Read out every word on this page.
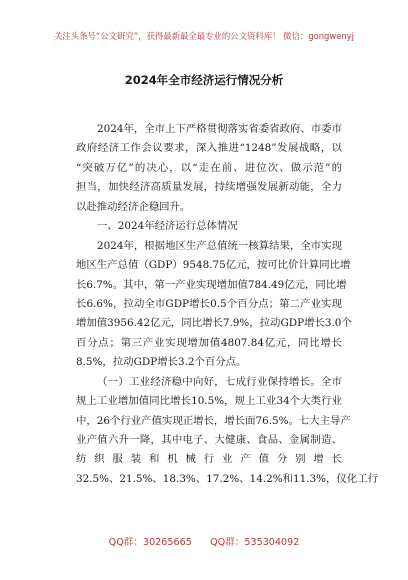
关注头条号“公文研究”，获得最新最全最专业的公文资料库！ 微信：gongwenyj
2024年全市经济运行情况分析
2024年，全市上下严格贯彻落实省委省政府、市委市
政府经济工作会议要求，深入推进“1248”发展战略，以
“突破万亿”的决心，以“走在前、进位次、做示范”的
担当，加快经济高质量发展，持续增强发展新动能，全力
以赴推动经济企稳回升。
一、2024年经济运行总体情况
2024年，根据地区生产总值统一核算结果，全市实现
地区生产总值（GDP）9548.75亿元，按可比价计算同比增
长6.7%。其中，第一产业实现增加值784.49亿元，同比增
长6.6%，拉动全市GDP增长0.5个百分点；第二产业实现
增加值3956.42亿元，同比增长7.9%，拉动GDP增长3.0个
百分点；第三产业实现增加值4807.84亿元，同比增长
8.5%，拉动GDP增长3.2个百分点。
（一）工业经济稳中向好，七成行业保持增长。全市
规上工业增加值同比增长10.5%，规上工业34个大类行业
中，26个行业产值实现正增长，增长面76.5%。七大主导产
业产值六升一降，其中电子、大健康、食品、金属制造、
纺织服装和机械行业产值分别增长
32.5%、21.5%、18.3%、17.2%、14.2%和11.3%，仪化工行
QQ群：30265665      QQ群：535304092
